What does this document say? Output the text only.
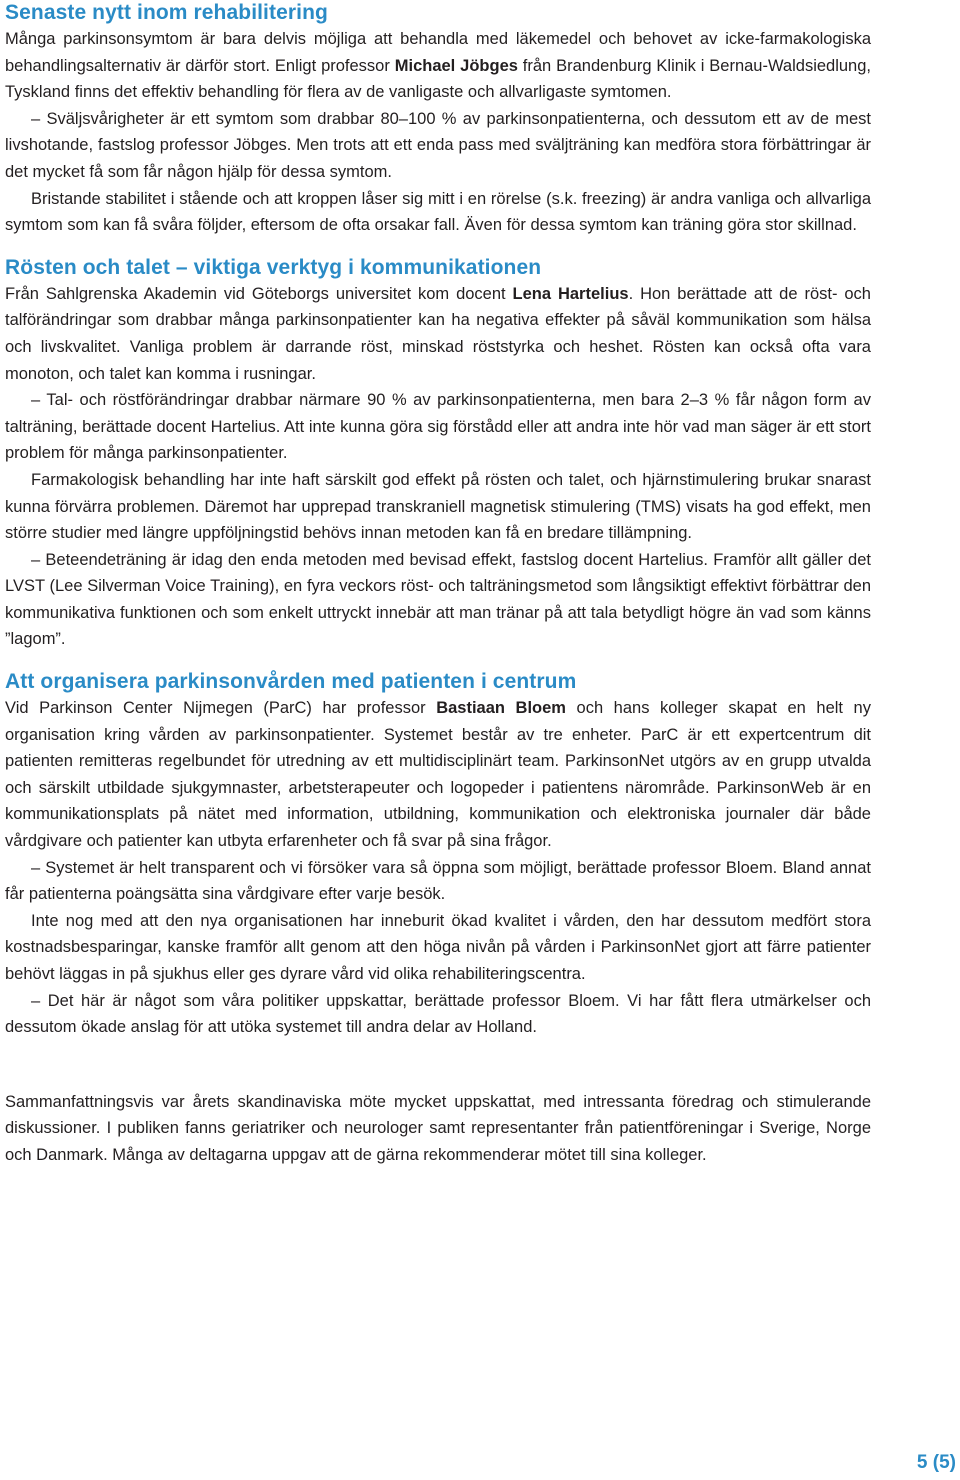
Senaste nytt inom rehabilitering

Många parkinsonsymtom är bara delvis möjliga att behandla med läkemedel och behovet av icke-farmakologiska behandlingsalternativ är därför stort. Enligt professor Michael Jöbges från Brandenburg Klinik i Bernau-Waldsiedlung, Tyskland finns det effektiv behandling för flera av de vanligaste och allvarligaste symtomen.

– Sväljsvårigheter är ett symtom som drabbar 80–100 % av parkinsonpatienterna, och dessutom ett av de mest livshotande, fastslog professor Jöbges. Men trots att ett enda pass med sväljträning kan medföra stora förbättringar är det mycket få som får någon hjälp för dessa symtom.

Bristande stabilitet i stående och att kroppen låser sig mitt i en rörelse (s.k. freezing) är andra vanliga och allvarliga symtom som kan få svåra följder, eftersom de ofta orsakar fall. Även för dessa symtom kan träning göra stor skillnad.

Rösten och talet – viktiga verktyg i kommunikationen

Från Sahlgrenska Akademin vid Göteborgs universitet kom docent Lena Hartelius. Hon berättade att de röst- och talförändringar som drabbar många parkinsonpatienter kan ha negativa effekter på såväl kommunikation som hälsa och livskvalitet. Vanliga problem är darrande röst, minskad röststyrka och heshet. Rösten kan också ofta vara monoton, och talet kan komma i rusningar.

– Tal- och röstförändringar drabbar närmare 90 % av parkinsonpatienterna, men bara 2–3 % får någon form av talträning, berättade docent Hartelius. Att inte kunna göra sig förstådd eller att andra inte hör vad man säger är ett stort problem för många parkinsonpatienter.

Farmakologisk behandling har inte haft särskilt god effekt på rösten och talet, och hjärnstimulering brukar snarast kunna förvärra problemen. Däremot har upprepad transkraniell magnetisk stimulering (TMS) visats ha god effekt, men större studier med längre uppföljningstid behövs innan metoden kan få en bredare tillämpning.

– Beteendeträning är idag den enda metoden med bevisad effekt, fastslog docent Hartelius. Framför allt gäller det LVST (Lee Silverman Voice Training), en fyra veckors röst- och talträningsmetod som långsiktigt effektivt förbättrar den kommunikativa funktionen och som enkelt uttryckt innebär att man tränar på att tala betydligt högre än vad som känns ”lagom”.

Att organisera parkinsonvården med patienten i centrum

Vid Parkinson Center Nijmegen (ParC) har professor Bastiaan Bloem och hans kolleger skapat en helt ny organisation kring vården av parkinsonpatienter. Systemet består av tre enheter. ParC är ett expertcentrum dit patienten remitteras regelbundet för utredning av ett multidisciplinärt team. ParkinsonNet utgörs av en grupp utvalda och särskilt utbildade sjukgymnaster, arbetsterapeuter och logopeder i patientens närområde. ParkinsonWeb är en kommunikationsplats på nätet med information, utbildning, kommunikation och elektroniska journaler där både vårdgivare och patienter kan utbyta erfarenheter och få svar på sina frågor.

– Systemet är helt transparent och vi försöker vara så öppna som möjligt, berättade professor Bloem. Bland annat får patienterna poängsätta sina vårdgivare efter varje besök.

Inte nog med att den nya organisationen har inneburit ökad kvalitet i vården, den har dessutom medfört stora kostnadsbesparingar, kanske framför allt genom att den höga nivån på vården i ParkinsonNet gjort att färre patienter behövt läggas in på sjukhus eller ges dyrare vård vid olika rehabiliteringscentra.

– Det här är något som våra politiker uppskattar, berättade professor Bloem. Vi har fått flera utmärkelser och dessutom ökade anslag för att utöka systemet till andra delar av Holland.

Sammanfattningsvis var årets skandinaviska möte mycket uppskattat, med intressanta föredrag och stimulerande diskussioner. I publiken fanns geriatriker och neurologer samt representanter från patientföreningar i Sverige, Norge och Danmark. Många av deltagarna uppgav att de gärna rekommenderar mötet till sina kolleger.

5 (5)
